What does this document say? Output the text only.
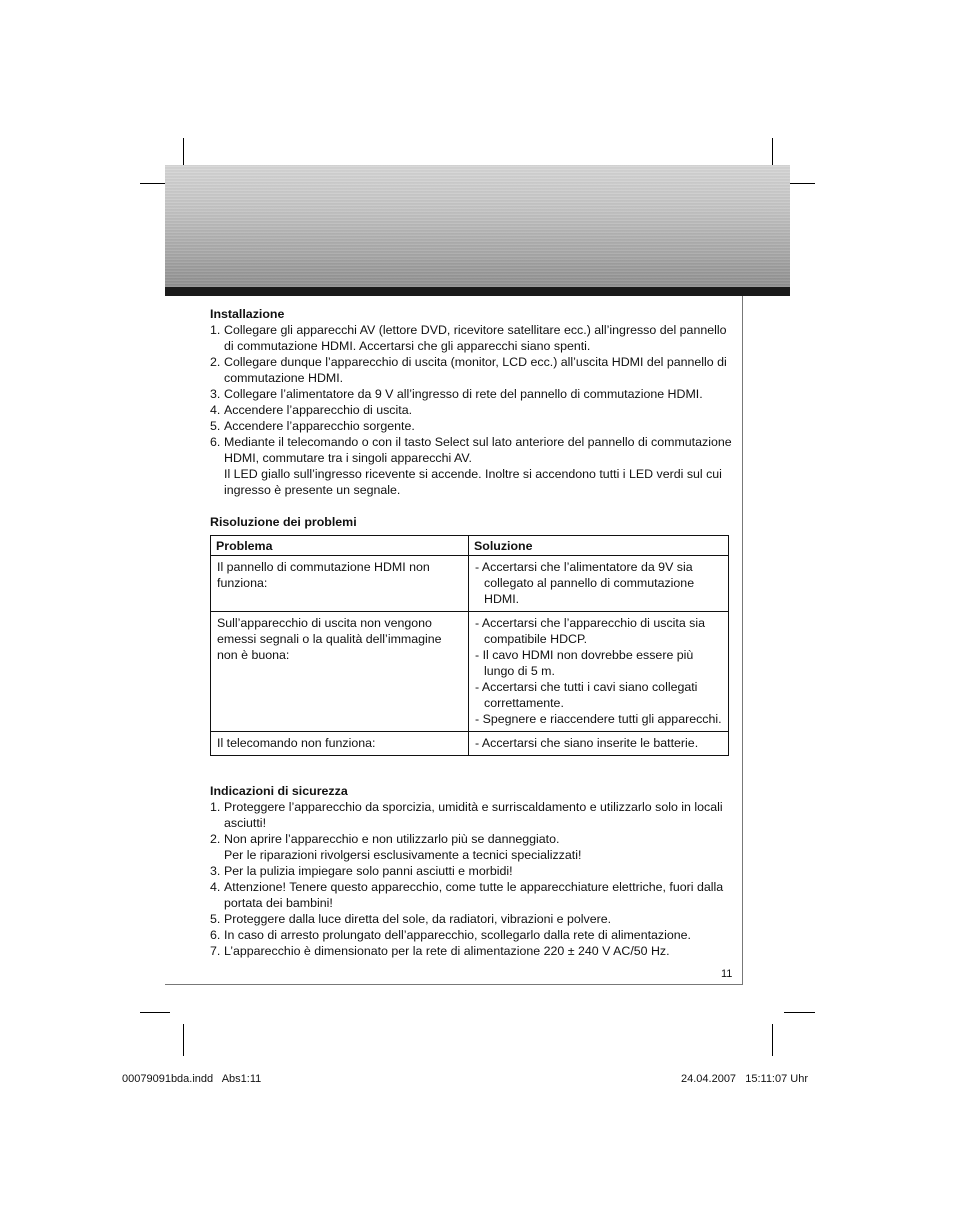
Installazione
1. Collegare gli apparecchi AV (lettore DVD, ricevitore satellitare ecc.) all’ingresso del pannello di commutazione HDMI. Accertarsi che gli apparecchi siano spenti.
2. Collegare dunque l’apparecchio di uscita (monitor, LCD ecc.) all’uscita HDMI del pannello di commutazione HDMI.
3. Collegare l’alimentatore da 9 V all’ingresso di rete del pannello di commutazione HDMI.
4. Accendere l’apparecchio di uscita.
5. Accendere l’apparecchio sorgente.
6. Mediante il telecomando o con il tasto Select sul lato anteriore del pannello di commutazione HDMI, commutare tra i singoli apparecchi AV.
Il LED giallo sull’ingresso ricevente si accende. Inoltre si accendono tutti i LED verdi sul cui ingresso è presente un segnale.
Risoluzione dei problemi
Problema	Soluzione
Il pannello di commutazione HDMI non funziona:	- Accertarsi che l’alimentatore da 9V sia collegato al pannello di commutazione HDMI.

Sull’apparecchio di uscita non vengono emessi segnali o la qualità dell’immagine non è buona:	- Accertarsi che l’apparecchio di uscita sia compatibile HDCP.
- Il cavo HDMI non dovrebbe essere più lungo di 5 m.
- Accertarsi che tutti i cavi siano collegati correttamente.
- Spegnere e riaccendere tutti gli apparecchi.

Il telecomando non funziona:	- Accertarsi che siano inserite le batterie.
Indicazioni di sicurezza
1. Proteggere l’apparecchio da sporcizia, umidità e surriscaldamento e utilizzarlo solo in locali asciutti!
2. Non aprire l’apparecchio e non utilizzarlo più se danneggiato.
Per le riparazioni rivolgersi esclusivamente a tecnici specializzati!
3. Per la pulizia impiegare solo panni asciutti e morbidi!
4. Attenzione! Tenere questo apparecchio, come tutte le apparecchiature elettriche, fuori dalla portata dei bambini!
5. Proteggere dalla luce diretta del sole, da radiatori, vibrazioni e polvere.
6. In caso di arresto prolungato dell’apparecchio, scollegarlo dalla rete di alimentazione.
7. L’apparecchio è dimensionato per la rete di alimentazione 220 ± 240 V AC/50 Hz.
11
00079091bda.indd   Abs1:11	24.04.2007   15:11:07 Uhr
